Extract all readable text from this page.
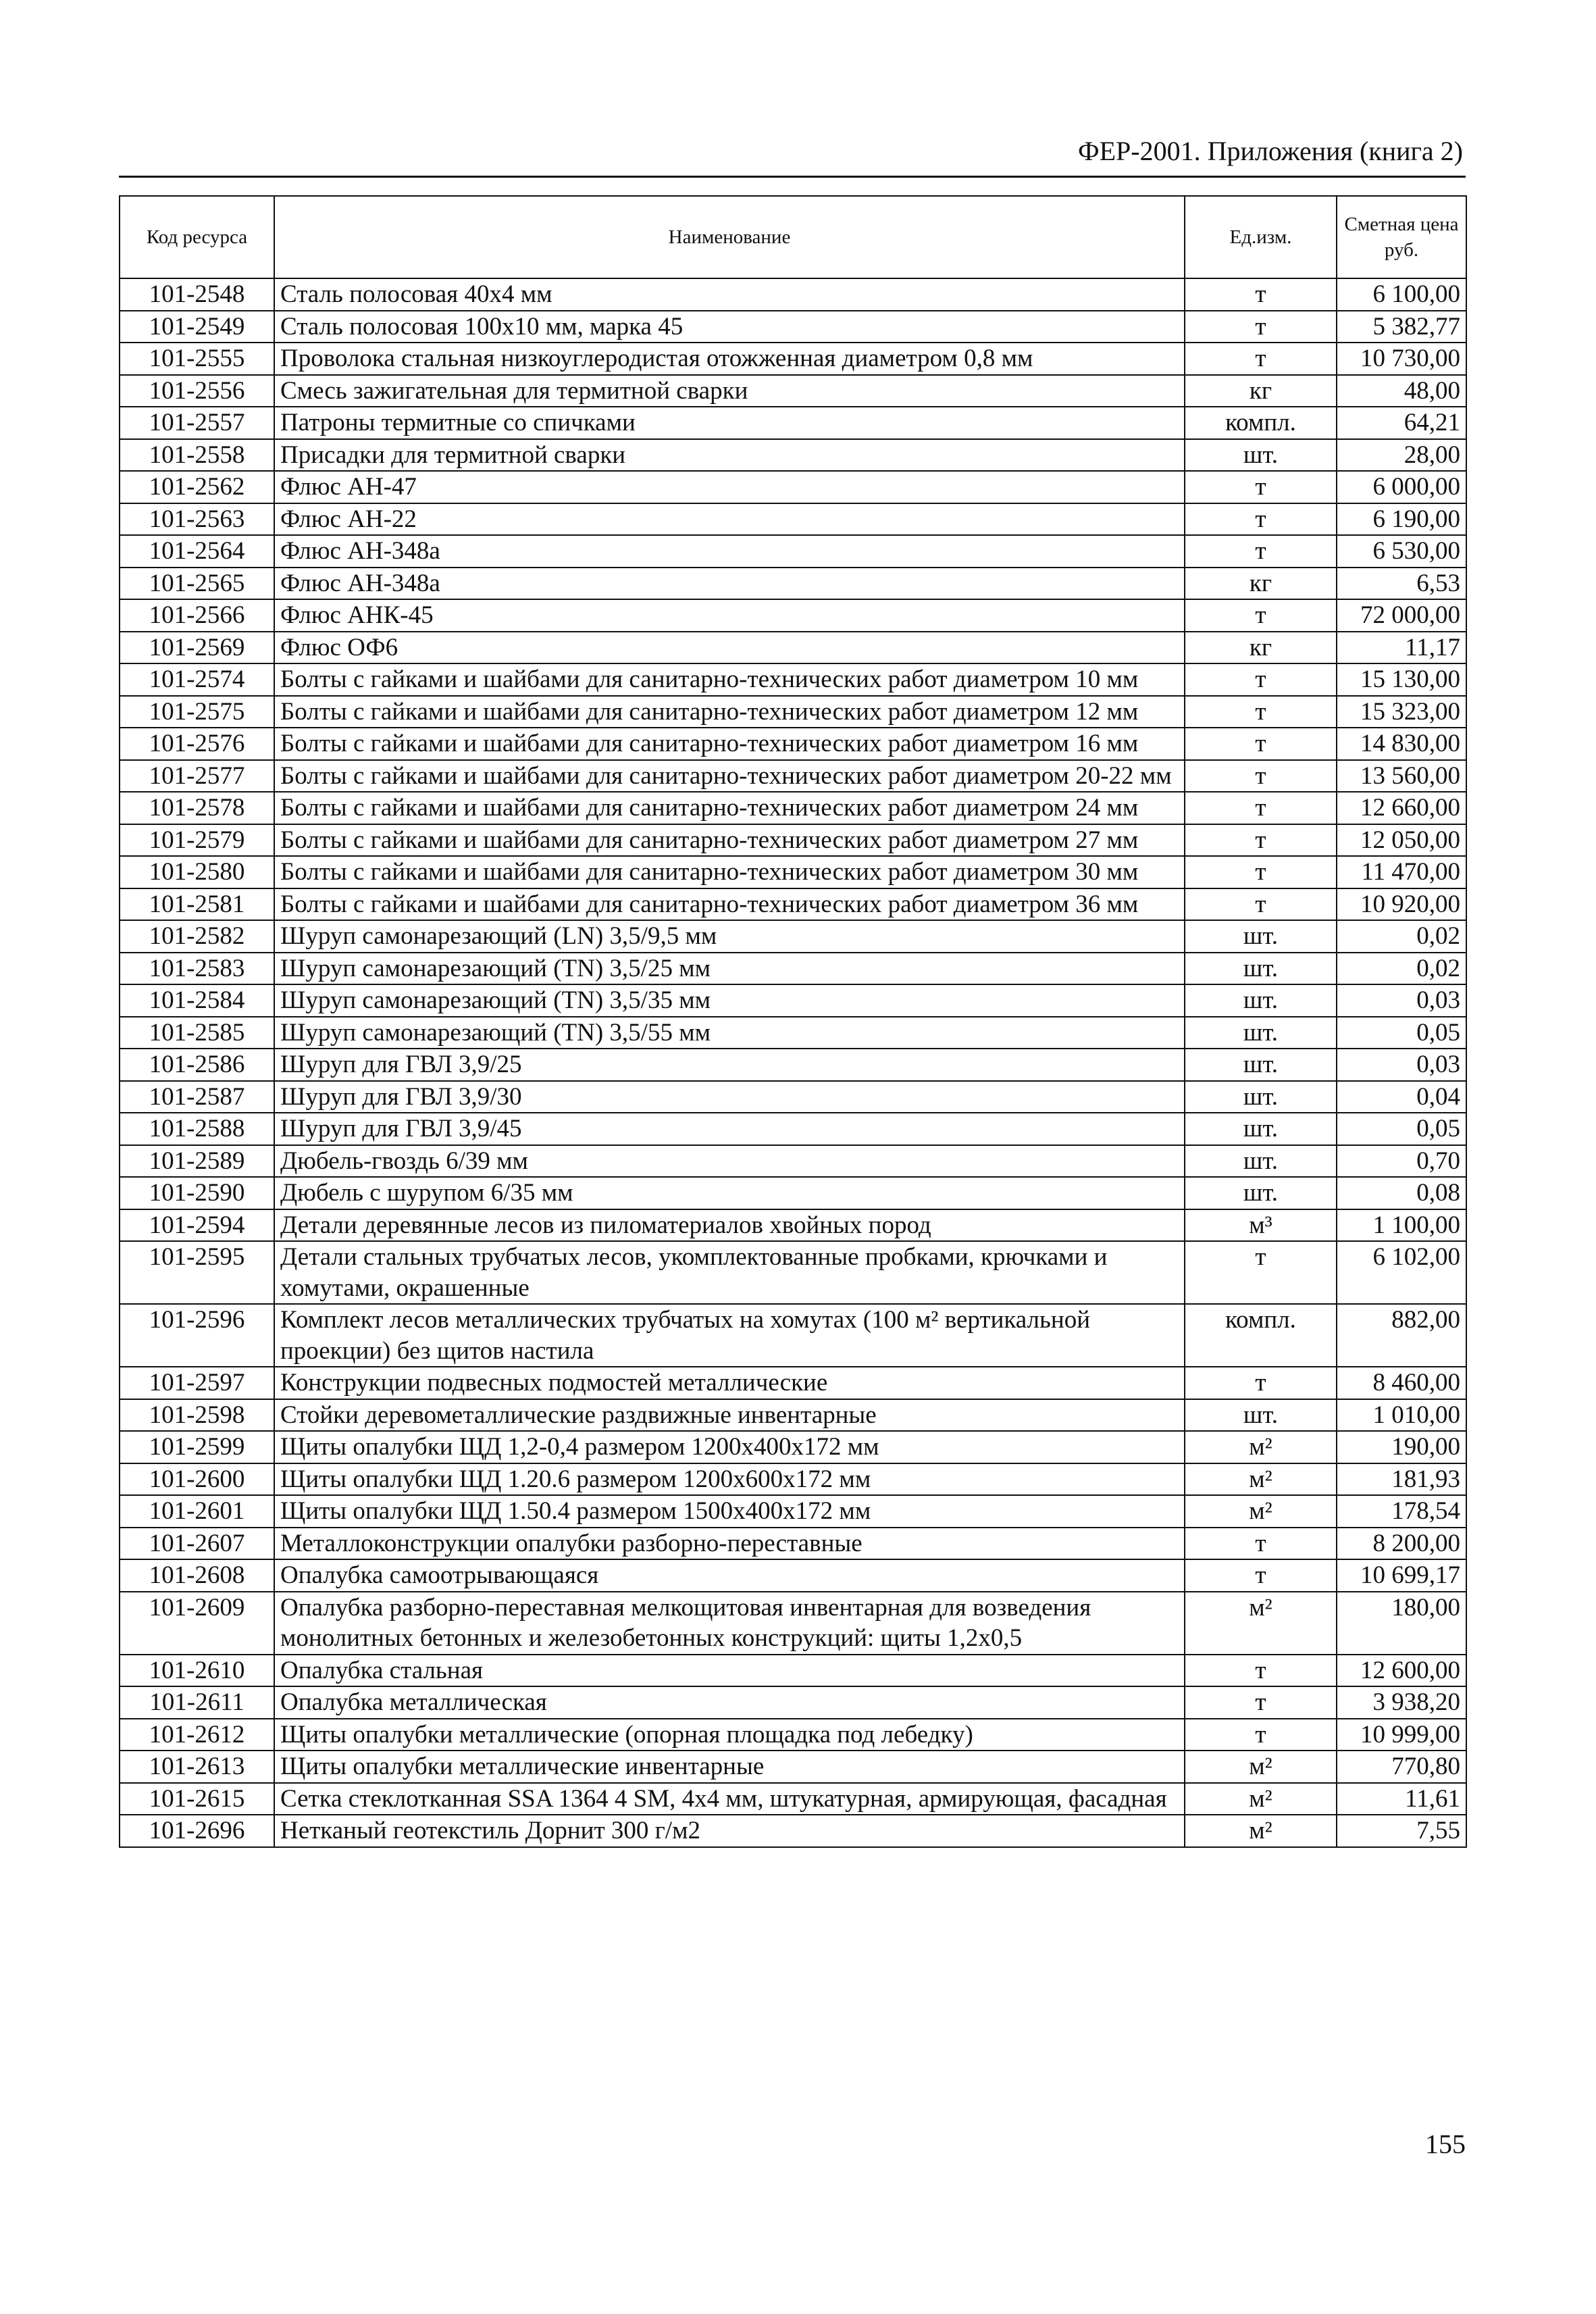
ФЕР-2001. Приложения (книга 2)
Код ресурса	Наименование	Ед.изм.	Сметная цена руб.
101-2548	Сталь полосовая 40х4 мм	т	6 100,00
101-2549	Сталь полосовая 100х10 мм, марка 45	т	5 382,77
101-2555	Проволока стальная низкоуглеродистая отожженная диаметром 0,8 мм	т	10 730,00
101-2556	Смесь зажигательная для термитной сварки	кг	48,00
101-2557	Патроны термитные со спичками	компл.	64,21
101-2558	Присадки для термитной сварки	шт.	28,00
101-2562	Флюс АН-47	т	6 000,00
101-2563	Флюс АН-22	т	6 190,00
101-2564	Флюс АН-348а	т	6 530,00
101-2565	Флюс АН-348а	кг	6,53
101-2566	Флюс АНК-45	т	72 000,00
101-2569	Флюс ОФ6	кг	11,17
101-2574	Болты с гайками и шайбами для санитарно-технических работ диаметром 10 мм	т	15 130,00
101-2575	Болты с гайками и шайбами для санитарно-технических работ диаметром 12 мм	т	15 323,00
101-2576	Болты с гайками и шайбами для санитарно-технических работ диаметром 16 мм	т	14 830,00
101-2577	Болты с гайками и шайбами для санитарно-технических работ диаметром 20-22 мм	т	13 560,00
101-2578	Болты с гайками и шайбами для санитарно-технических работ диаметром 24 мм	т	12 660,00
101-2579	Болты с гайками и шайбами для санитарно-технических работ диаметром 27 мм	т	12 050,00
101-2580	Болты с гайками и шайбами для санитарно-технических работ диаметром 30 мм	т	11 470,00
101-2581	Болты с гайками и шайбами для санитарно-технических работ диаметром 36 мм	т	10 920,00
101-2582	Шуруп самонарезающий (LN) 3,5/9,5 мм	шт.	0,02
101-2583	Шуруп самонарезающий (TN) 3,5/25 мм	шт.	0,02
101-2584	Шуруп самонарезающий (TN) 3,5/35 мм	шт.	0,03
101-2585	Шуруп самонарезающий (TN) 3,5/55 мм	шт.	0,05
101-2586	Шуруп для ГВЛ 3,9/25	шт.	0,03
101-2587	Шуруп для ГВЛ 3,9/30	шт.	0,04
101-2588	Шуруп для ГВЛ 3,9/45	шт.	0,05
101-2589	Дюбель-гвоздь 6/39 мм	шт.	0,70
101-2590	Дюбель с шурупом 6/35 мм	шт.	0,08
101-2594	Детали деревянные лесов из пиломатериалов хвойных пород	м³	1 100,00
101-2595	Детали стальных трубчатых лесов, укомплектованные пробками, крючками и хомутами, окрашенные	т	6 102,00
101-2596	Комплект лесов металлических трубчатых на хомутах (100 м² вертикальной проекции) без щитов настила	компл.	882,00
101-2597	Конструкции подвесных подмостей металлические	т	8 460,00
101-2598	Стойки деревометаллические раздвижные инвентарные	шт.	1 010,00
101-2599	Щиты опалубки ЩД 1,2-0,4 размером 1200х400х172 мм	м²	190,00
101-2600	Щиты опалубки ЩД 1.20.6 размером 1200х600х172 мм	м²	181,93
101-2601	Щиты опалубки ЩД 1.50.4 размером 1500х400х172 мм	м²	178,54
101-2607	Металлоконструкции опалубки разборно-переставные	т	8 200,00
101-2608	Опалубка самоотрывающаяся	т	10 699,17
101-2609	Опалубка разборно-переставная мелкощитовая инвентарная для возведения монолитных бетонных и железобетонных конструкций: щиты 1,2х0,5	м²	180,00
101-2610	Опалубка стальная	т	12 600,00
101-2611	Опалубка металлическая	т	3 938,20
101-2612	Щиты опалубки металлические (опорная площадка под лебедку)	т	10 999,00
101-2613	Щиты опалубки металлические инвентарные	м²	770,80
101-2615	Сетка стеклотканная SSA 1364 4 SM, 4х4 мм, штукатурная, армирующая, фасадная	м²	11,61
101-2696	Нетканый геотекстиль Дорнит 300 г/м2	м²	7,55
155
